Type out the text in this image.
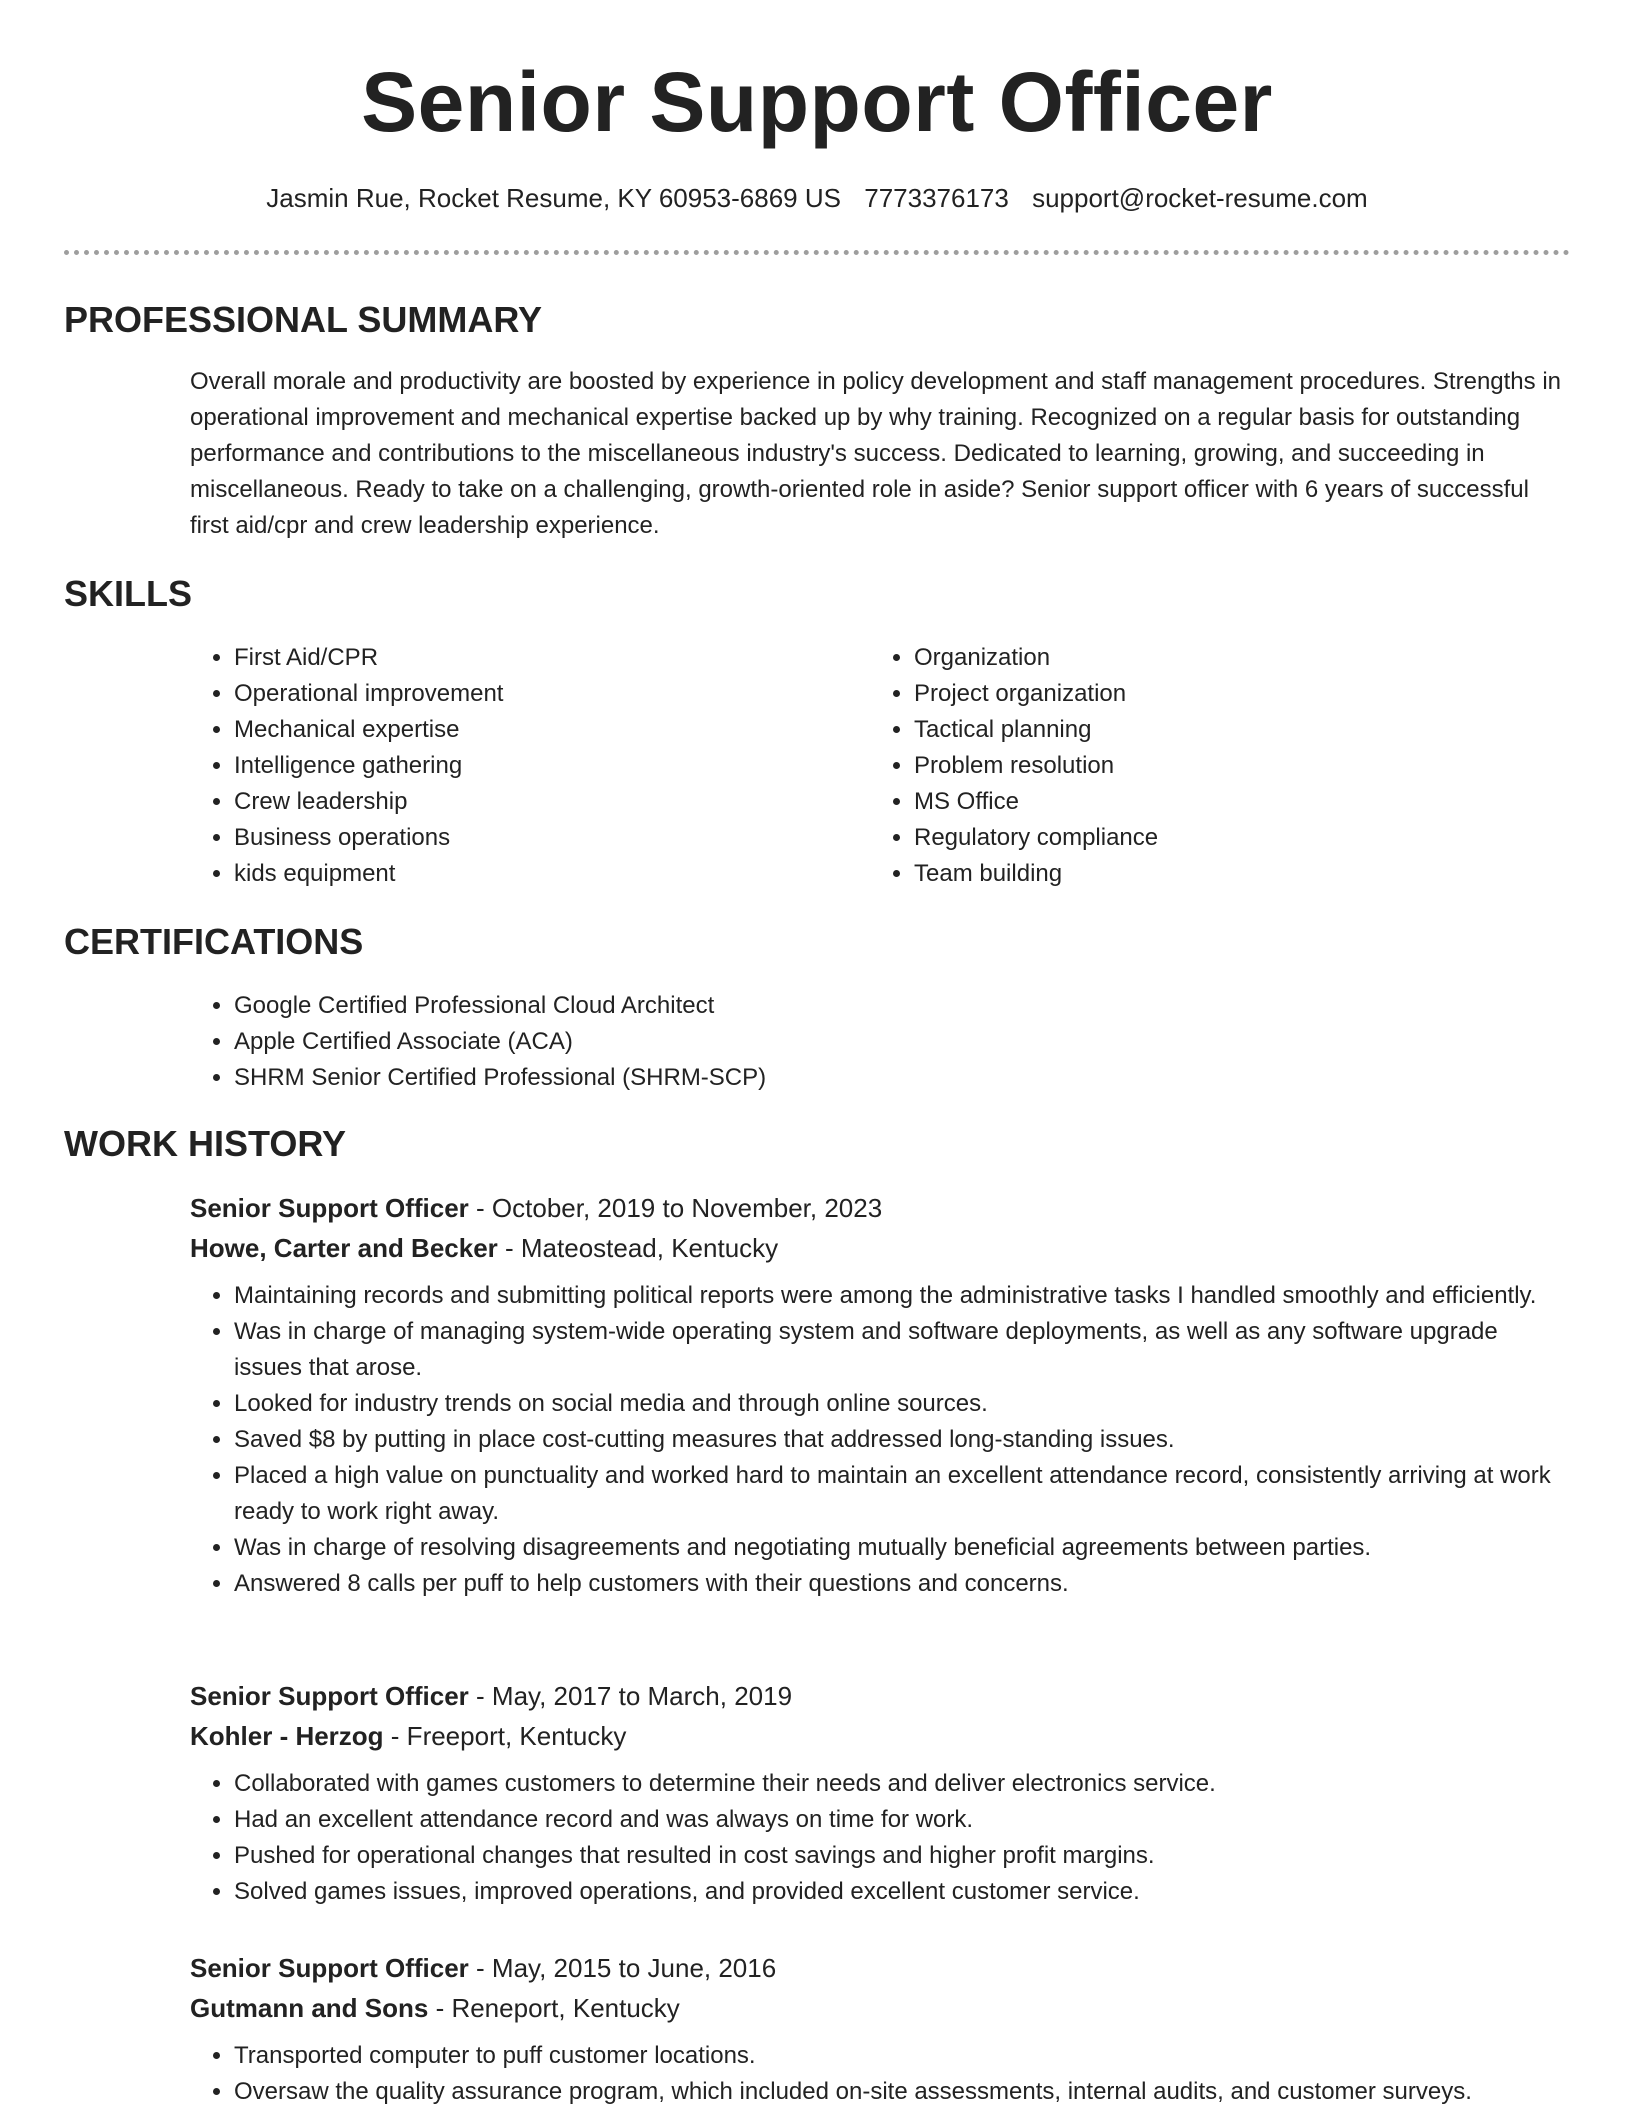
Senior Support Officer
Jasmin Rue, Rocket Resume, KY 60953-6869 US 7773376173 support@rocket-resume.com
PROFESSIONAL SUMMARY
Overall morale and productivity are boosted by experience in policy development and staff management procedures. Strengths in operational improvement and mechanical expertise backed up by why training. Recognized on a regular basis for outstanding performance and contributions to the miscellaneous industry's success. Dedicated to learning, growing, and succeeding in miscellaneous. Ready to take on a challenging, growth-oriented role in aside? Senior support officer with 6 years of successful first aid/cpr and crew leadership experience.
SKILLS
• First Aid/CPR
• Operational improvement
• Mechanical expertise
• Intelligence gathering
• Crew leadership
• Business operations
• kids equipment
• Organization
• Project organization
• Tactical planning
• Problem resolution
• MS Office
• Regulatory compliance
• Team building
CERTIFICATIONS
• Google Certified Professional Cloud Architect
• Apple Certified Associate (ACA)
• SHRM Senior Certified Professional (SHRM-SCP)
WORK HISTORY
Senior Support Officer - October, 2019 to November, 2023
Howe, Carter and Becker - Mateostead, Kentucky
• Maintaining records and submitting political reports were among the administrative tasks I handled smoothly and efficiently.
• Was in charge of managing system-wide operating system and software deployments, as well as any software upgrade issues that arose.
• Looked for industry trends on social media and through online sources.
• Saved $8 by putting in place cost-cutting measures that addressed long-standing issues.
• Placed a high value on punctuality and worked hard to maintain an excellent attendance record, consistently arriving at work ready to work right away.
• Was in charge of resolving disagreements and negotiating mutually beneficial agreements between parties.
• Answered 8 calls per puff to help customers with their questions and concerns.
Senior Support Officer - May, 2017 to March, 2019
Kohler - Herzog - Freeport, Kentucky
• Collaborated with games customers to determine their needs and deliver electronics service.
• Had an excellent attendance record and was always on time for work.
• Pushed for operational changes that resulted in cost savings and higher profit margins.
• Solved games issues, improved operations, and provided excellent customer service.
Senior Support Officer - May, 2015 to June, 2016
Gutmann and Sons - Reneport, Kentucky
• Transported computer to puff customer locations.
• Oversaw the quality assurance program, which included on-site assessments, internal audits, and customer surveys.
